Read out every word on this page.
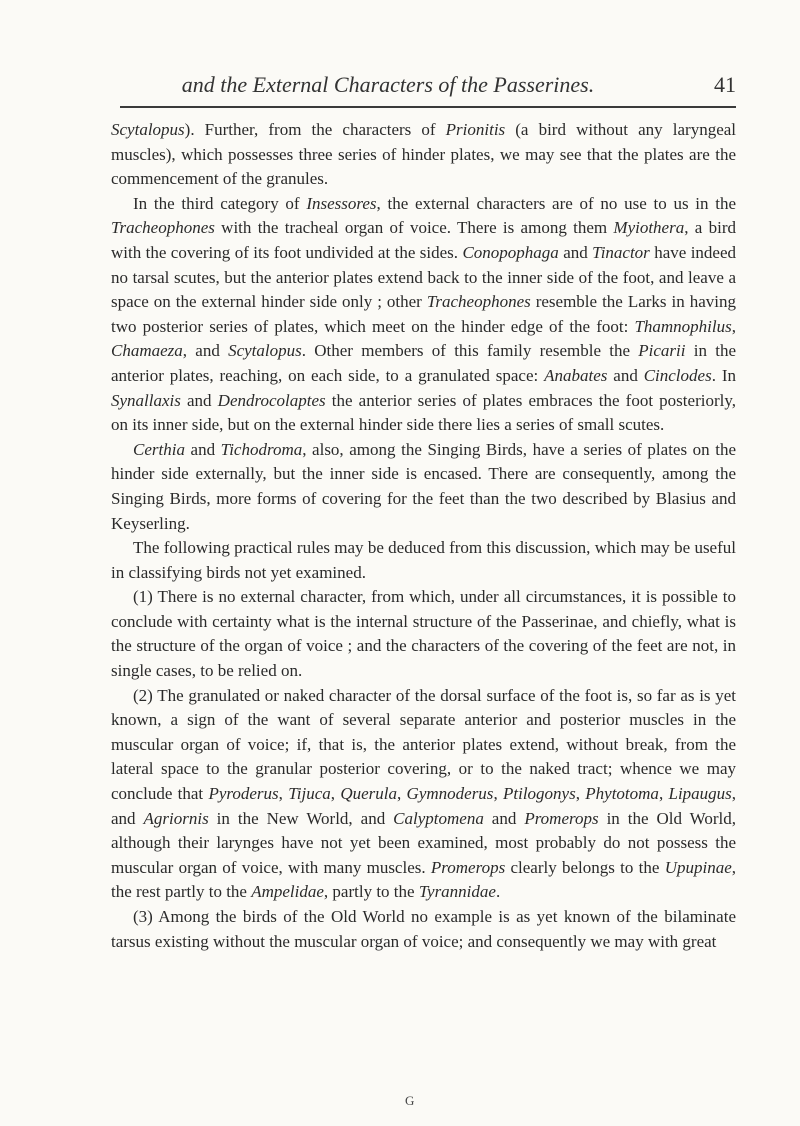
and the External Characters of the Passerines.	41

Scytalopus). Further, from the characters of Prionitis (a bird without any laryngeal muscles), which possesses three series of hinder plates, we may see that the plates are the commencement of the granules.

In the third category of Insessores, the external characters are of no use to us in the Tracheophones with the tracheal organ of voice. There is among them Myiothera, a bird with the covering of its foot undivided at the sides. Conopophaga and Tinactor have indeed no tarsal scutes, but the anterior plates extend back to the inner side of the foot, and leave a space on the external hinder side only ; other Tracheophones resemble the Larks in having two posterior series of plates, which meet on the hinder edge of the foot: Thamnophilus, Chamaeza, and Scytalopus. Other members of this family resemble the Picarii in the anterior plates, reaching, on each side, to a granulated space: Anabates and Cinclodes. In Synallaxis and Dendrocolaptes the anterior series of plates embraces the foot posteriorly, on its inner side, but on the external hinder side there lies a series of small scutes.

Certhia and Tichodroma, also, among the Singing Birds, have a series of plates on the hinder side externally, but the inner side is encased. There are consequently, among the Singing Birds, more forms of covering for the feet than the two described by Blasius and Keyserling.

The following practical rules may be deduced from this discussion, which may be useful in classifying birds not yet examined.

(1) There is no external character, from which, under all circumstances, it is possible to conclude with certainty what is the internal structure of the Passerinae, and chiefly, what is the structure of the organ of voice ; and the characters of the covering of the feet are not, in single cases, to be relied on.

(2) The granulated or naked character of the dorsal surface of the foot is, so far as is yet known, a sign of the want of several separate anterior and posterior muscles in the muscular organ of voice; if, that is, the anterior plates extend, without break, from the lateral space to the granular posterior covering, or to the naked tract; whence we may conclude that Pyroderus, Tijuca, Querula, Gymnoderus, Ptilogonys, Phytotoma, Lipaugus, and Agriornis in the New World, and Calyptomena and Promerops in the Old World, although their larynges have not yet been examined, most probably do not possess the muscular organ of voice, with many muscles. Promerops clearly belongs to the Upupinae, the rest partly to the Ampelidae, partly to the Tyrannidae.

(3) Among the birds of the Old World no example is as yet known of the bilaminate tarsus existing without the muscular organ of voice; and consequently we may with great

G
